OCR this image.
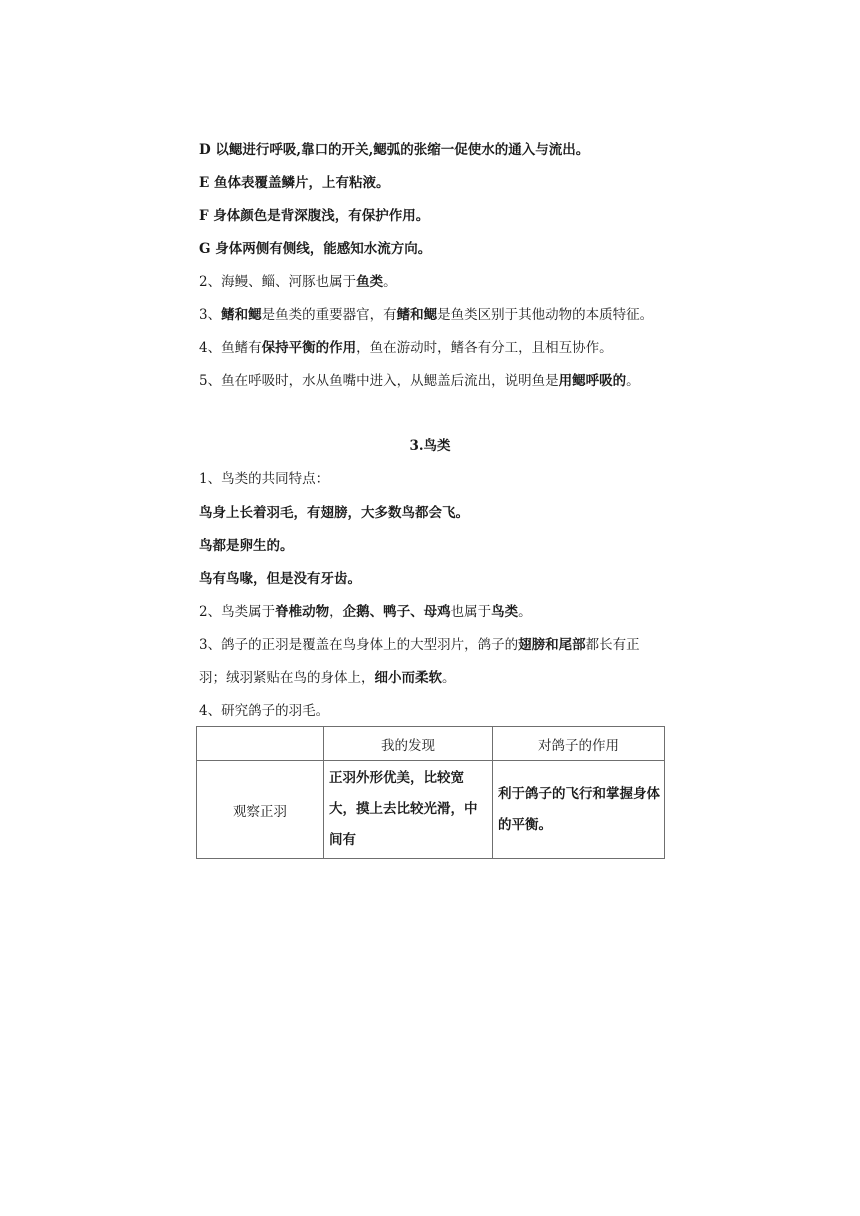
D 以鳃进行呼吸,靠口的开关,鳃弧的张缩一促使水的通入与流出。
E 鱼体表覆盖鳞片，上有粘液。
F 身体颜色是背深腹浅，有保护作用。
G 身体两侧有侧线，能感知水流方向。
2、海鳗、鲻、河豚也属于鱼类。
3、鳍和鳃是鱼类的重要器官，有鳍和鳃是鱼类区别于其他动物的本质特征。
4、鱼鳍有保持平衡的作用，鱼在游动时，鳍各有分工，且相互协作。
5、鱼在呼吸时，水从鱼嘴中进入，从鳃盖后流出，说明鱼是用鳃呼吸的。
3.鸟类
1、鸟类的共同特点：
鸟身上长着羽毛，有翅膀，大多数鸟都会飞。
鸟都是卵生的。
鸟有鸟喙，但是没有牙齿。
2、鸟类属于脊椎动物，企鹅、鸭子、母鸡也属于鸟类。
3、鸽子的正羽是覆盖在鸟身体上的大型羽片，鸽子的翅膀和尾部都长有正
羽；绒羽紧贴在鸟的身体上，细小而柔软。
4、研究鸽子的羽毛。
	我的发现	对鸽子的作用
观察正羽	正羽外形优美，比较宽大，摸上去比较光滑，中间有	利于鸽子的飞行和掌握身体的平衡。
